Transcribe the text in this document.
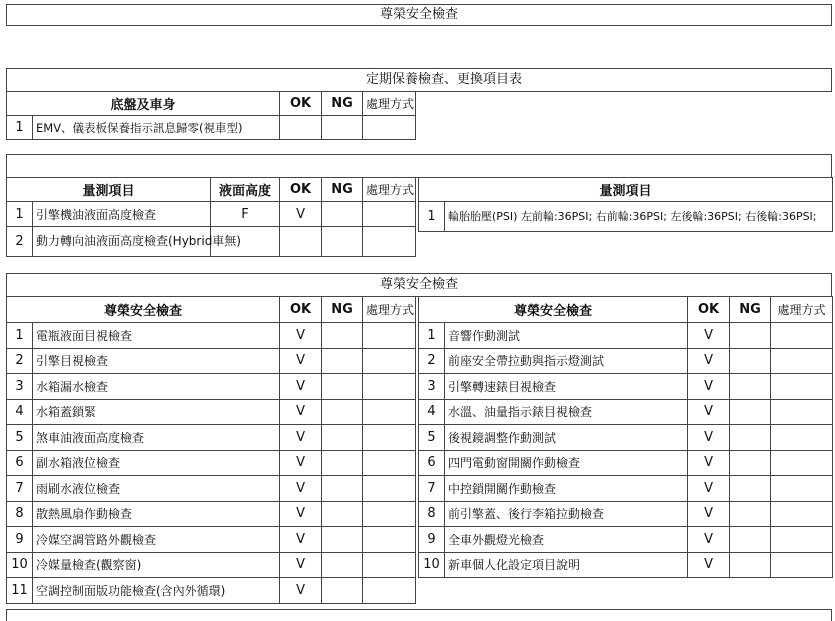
尊榮安全檢查
定期保養檢查、更換項目表
底盤及車身		OK	NG	處理方式
1	EMV、儀表板保養指示訊息歸零(視車型)			
量測項目		液面高度	OK	NG	處理方式
1	引擎機油液面高度檢查	F	V		
2	動力轉向油液面高度檢查(Hybrid車無)				
量測項目
1	輪胎胎壓(PSI) 左前輪:36PSI; 右前輪:36PSI; 左後輪:36PSI; 右後輪:36PSI;
尊榮安全檢查
尊榮安全檢查		OK	NG	處理方式
1	電瓶液面目視檢查	V		
2	引擎目視檢查	V		
3	水箱漏水檢查	V		
4	水箱蓋鎖緊	V		
5	煞車油液面高度檢查	V		
6	副水箱液位檢查	V		
7	雨刷水液位檢查	V		
8	散熱風扇作動檢查	V		
9	冷媒空調管路外觀檢查	V		
10	冷媒量檢查(觀察窗)	V		
11	空調控制面版功能檢查(含內外循環)	V		
尊榮安全檢查		OK	NG	處理方式
1	音響作動測試	V		
2	前座安全帶拉動與指示燈測試	V		
3	引擎轉速錶目視檢查	V		
4	水溫、油量指示錶目視檢查	V		
5	後視鏡調整作動測試	V		
6	四門電動窗開關作動檢查	V		
7	中控鎖開關作動檢查	V		
8	前引擎蓋、後行李箱拉動檢查	V		
9	全車外觀燈光檢查	V		
10	新車個人化設定項目說明	V		
